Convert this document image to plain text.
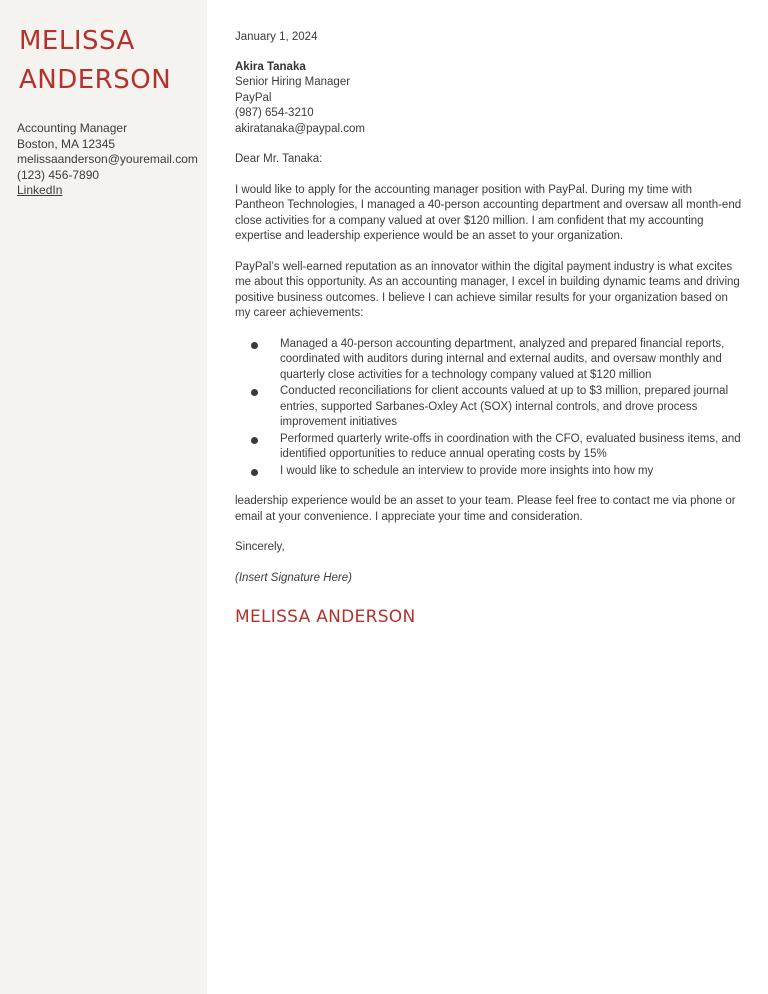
MELISSA
ANDERSON
Accounting Manager
Boston, MA 12345
melissaanderson@youremail.com
(123) 456-7890
LinkedIn

January 1, 2024

Akira Tanaka
Senior Hiring Manager
PayPal
(987) 654-3210
akiratanaka@paypal.com

Dear Mr. Tanaka:

I would like to apply for the accounting manager position with PayPal. During my time with Pantheon Technologies, I managed a 40-person accounting department and oversaw all month-end close activities for a company valued at over $120 million. I am confident that my accounting expertise and leadership experience would be an asset to your organization.

PayPal’s well-earned reputation as an innovator within the digital payment industry is what excites me about this opportunity. As an accounting manager, I excel in building dynamic teams and driving positive business outcomes. I believe I can achieve similar results for your organization based on my career achievements:

Managed a 40-person accounting department, analyzed and prepared financial reports, coordinated with auditors during internal and external audits, and oversaw monthly and quarterly close activities for a technology company valued at $120 million
Conducted reconciliations for client accounts valued at up to $3 million, prepared journal entries, supported Sarbanes-Oxley Act (SOX) internal controls, and drove process improvement initiatives
Performed quarterly write-offs in coordination with the CFO, evaluated business items, and identified opportunities to reduce annual operating costs by 15%
I would like to schedule an interview to provide more insights into how my

leadership experience would be an asset to your team. Please feel free to contact me via phone or email at your convenience. I appreciate your time and consideration.

Sincerely,

(Insert Signature Here)

MELISSA ANDERSON
